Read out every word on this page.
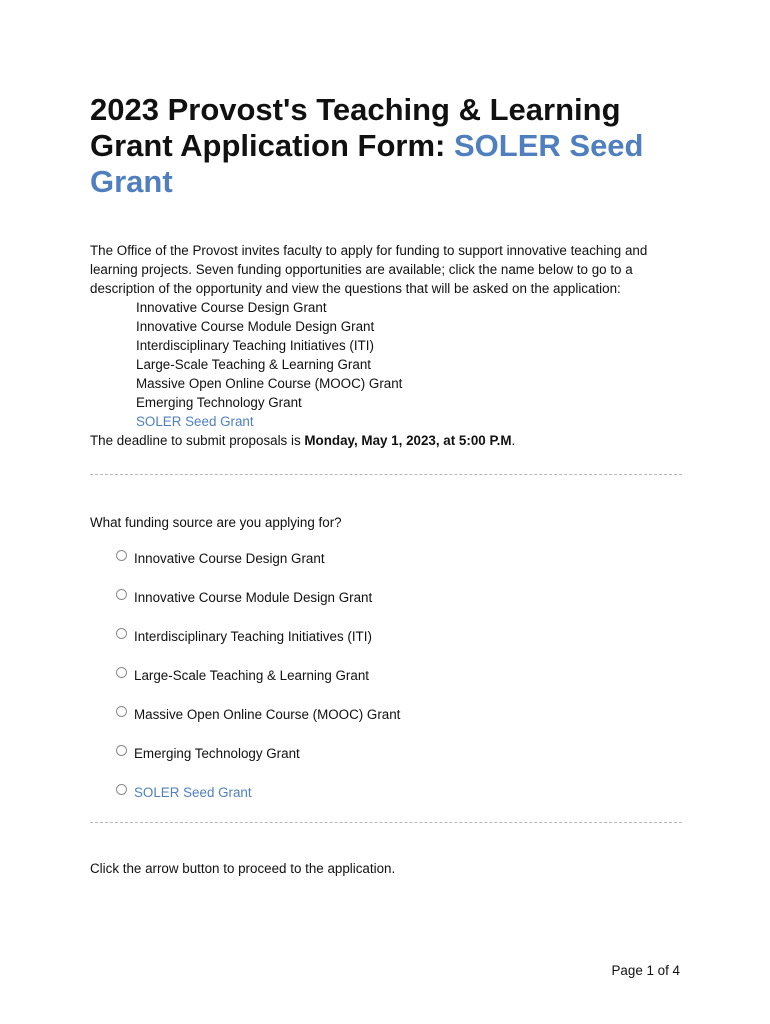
2023 Provost's Teaching & Learning Grant Application Form: SOLER Seed Grant
The Office of the Provost invites faculty to apply for funding to support innovative teaching and learning projects. Seven funding opportunities are available; click the name below to go to a description of the opportunity and view the questions that will be asked on the application:
Innovative Course Design Grant
Innovative Course Module Design Grant
Interdisciplinary Teaching Initiatives (ITI)
Large-Scale Teaching & Learning Grant
Massive Open Online Course (MOOC) Grant
Emerging Technology Grant
SOLER Seed Grant
The deadline to submit proposals is Monday, May 1, 2023, at 5:00 P.M.
What funding source are you applying for?
Innovative Course Design Grant
Innovative Course Module Design Grant
Interdisciplinary Teaching Initiatives (ITI)
Large-Scale Teaching & Learning Grant
Massive Open Online Course (MOOC) Grant
Emerging Technology Grant
SOLER Seed Grant
Click the arrow button to proceed to the application.
Page 1 of 4
